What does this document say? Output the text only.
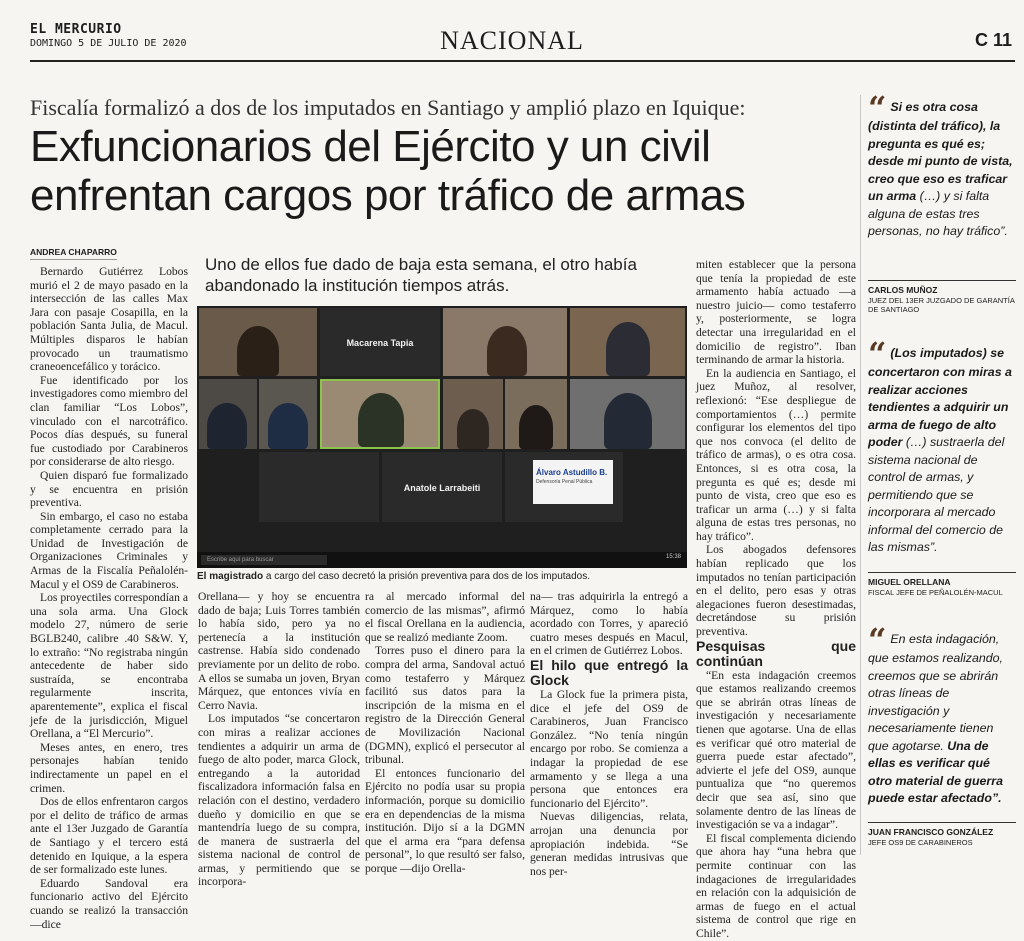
EL MERCURIO
DOMINGO 5 DE JULIO DE 2020	NACIONAL	C 11
Fiscalía formalizó a dos de los imputados en Santiago y amplió plazo en Iquique:
Exfuncionarios del Ejército y un civil enfrentan cargos por tráfico de armas
ANDREA CHAPARRO

Bernardo Gutiérrez Lobos murió el 2 de mayo pasado en la intersección de las calles Max Jara con pasaje Cosapilla, en la población Santa Julia, de Macul. Múltiples disparos le habían provocado un traumatismo craneoencefálico y torácico.

Fue identificado por los investigadores como miembro del clan familiar “Los Lobos”, vinculado con el narcotráfico. Pocos días después, su funeral fue custodiado por Carabineros por considerarse de alto riesgo.

Quien disparó fue formalizado y se encuentra en prisión preventiva.

Sin embargo, el caso no estaba completamente cerrado para la Unidad de Investigación de Organizaciones Criminales y Armas de la Fiscalía Peñalolén-Macul y el OS9 de Carabineros.

Los proyectiles correspondían a una sola arma. Una Glock modelo 27, número de serie BGLB240, calibre .40 S&W. Y, lo extraño: “No registraba ningún antecedente de haber sido sustraída, se encontraba regularmente inscrita, aparentemente”, explica el fiscal jefe de la jurisdicción, Miguel Orellana, a “El Mercurio”.

Meses antes, en enero, tres personajes habían tenido indirectamente un papel en el crimen.

Dos de ellos enfrentaron cargos por el delito de tráfico de armas ante el 13er Juzgado de Garantía de Santiago y el tercero está detenido en Iquique, a la espera de ser formalizado este lunes.

Eduardo Sandoval era funcionario activo del Ejército cuando se realizó la transacción —dice

Uno de ellos fue dado de baja esta semana, el otro había abandonado la institución tiempos atrás.
Macarena Tapia
Anatole Larrabeiti
Álvaro Astudillo B.
Defensoría Penal Pública
Escribe aquí para buscar	15:38
El magistrado a cargo del caso decretó la prisión preventiva para dos de los imputados.

Orellana— y hoy se encuentra dado de baja; Luis Torres también lo había sido, pero ya no pertenecía a la institución castrense. Había sido condenado previamente por un delito de robo. A ellos se sumaba un joven, Bryan Márquez, que entonces vivía en Cerro Navia.

Los imputados “se concertaron con miras a realizar acciones tendientes a adquirir un arma de fuego de alto poder, marca Glock, entregando a la autoridad fiscalizadora información falsa en relación con el destino, verdadero dueño y domicilio en que se mantendría luego de su compra, de manera de sustraerla del sistema nacional de control de armas, y permitiendo que se incorpora-

ra al mercado informal del comercio de las mismas”, afirmó el fiscal Orellana en la audiencia, que se realizó mediante Zoom.

Torres puso el dinero para la compra del arma, Sandoval actuó como testaferro y Márquez facilitó sus datos para la inscripción de la misma en el registro de la Dirección General de Movilización Nacional (DGMN), explicó el persecutor al tribunal.

El entonces funcionario del Ejército no podía usar su propia información, porque su domicilio era en dependencias de la misma institución. Dijo sí a la DGMN que el arma era “para defensa personal”, lo que resultó ser falso, porque —dijo Orella-

na— tras adquirirla la entregó a Márquez, como lo había acordado con Torres, y apareció cuatro meses después en Macul, en el crimen de Gutiérrez Lobos.

El hilo que entregó la Glock

La Glock fue la primera pista, dice el jefe del OS9 de Carabineros, Juan Francisco González. “No tenía ningún encargo por robo. Se comienza a indagar la propiedad de ese armamento y se llega a una persona que entonces era funcionario del Ejército”.

Nuevas diligencias, relata, arrojan una denuncia por apropiación indebida. “Se generan medidas intrusivas que nos per-

miten establecer que la persona que tenía la propiedad de este armamento había actuado —a nuestro juicio— como testaferro y, posteriormente, se logra detectar una irregularidad en el domicilio de registro”. Iban terminando de armar la historia.

En la audiencia en Santiago, el juez Muñoz, al resolver, reflexionó: “Ese despliegue de comportamientos (…) permite configurar los elementos del tipo que nos convoca (el delito de tráfico de armas), o es otra cosa. Entonces, si es otra cosa, la pregunta es qué es; desde mi punto de vista, creo que eso es traficar un arma (…) y si falta alguna de estas tres personas, no hay tráfico”.

Los abogados defensores habían replicado que los imputados no tenían participación en el delito, pero esas y otras alegaciones fueron desestimadas, decretándose su prisión preventiva.

Pesquisas que continúan

“En esta indagación creemos que estamos realizando creemos que se abrirán otras líneas de investigación y necesariamente tienen que agotarse. Una de ellas es verificar qué otro material de guerra puede estar afectado”, advierte el jefe del OS9, aunque puntualiza que “no queremos decir que sea así, sino que solamente dentro de las líneas de investigación se va a indagar”.

El fiscal complementa diciendo que ahora hay “una hebra que permite continuar con las indagaciones de irregularidades en relación con la adquisición de armas de fuego en el actual sistema de control que rige en Chile”.

“ Si es otra cosa (distinta del tráfico), la pregunta es qué es; desde mi punto de vista, creo que eso es traficar un arma (…) y si falta alguna de estas tres personas, no hay tráfico”.
CARLOS MUÑOZ
JUEZ DEL 13ER JUZGADO DE GARANTÍA DE SANTIAGO
“ (Los imputados) se concertaron con miras a realizar acciones tendientes a adquirir un arma de fuego de alto poder (…) sustraerla del sistema nacional de control de armas, y permitiendo que se incorporara al mercado informal del comercio de las mismas”.
MIGUEL ORELLANA
FISCAL JEFE DE PEÑALOLÉN-MACUL
“ En esta indagación, que estamos realizando, creemos que se abrirán otras líneas de investigación y necesariamente tienen que agotarse. Una de ellas es verificar qué otro material de guerra puede estar afectado”.
JUAN FRANCISCO GONZÁLEZ
JEFE OS9 DE CARABINEROS
